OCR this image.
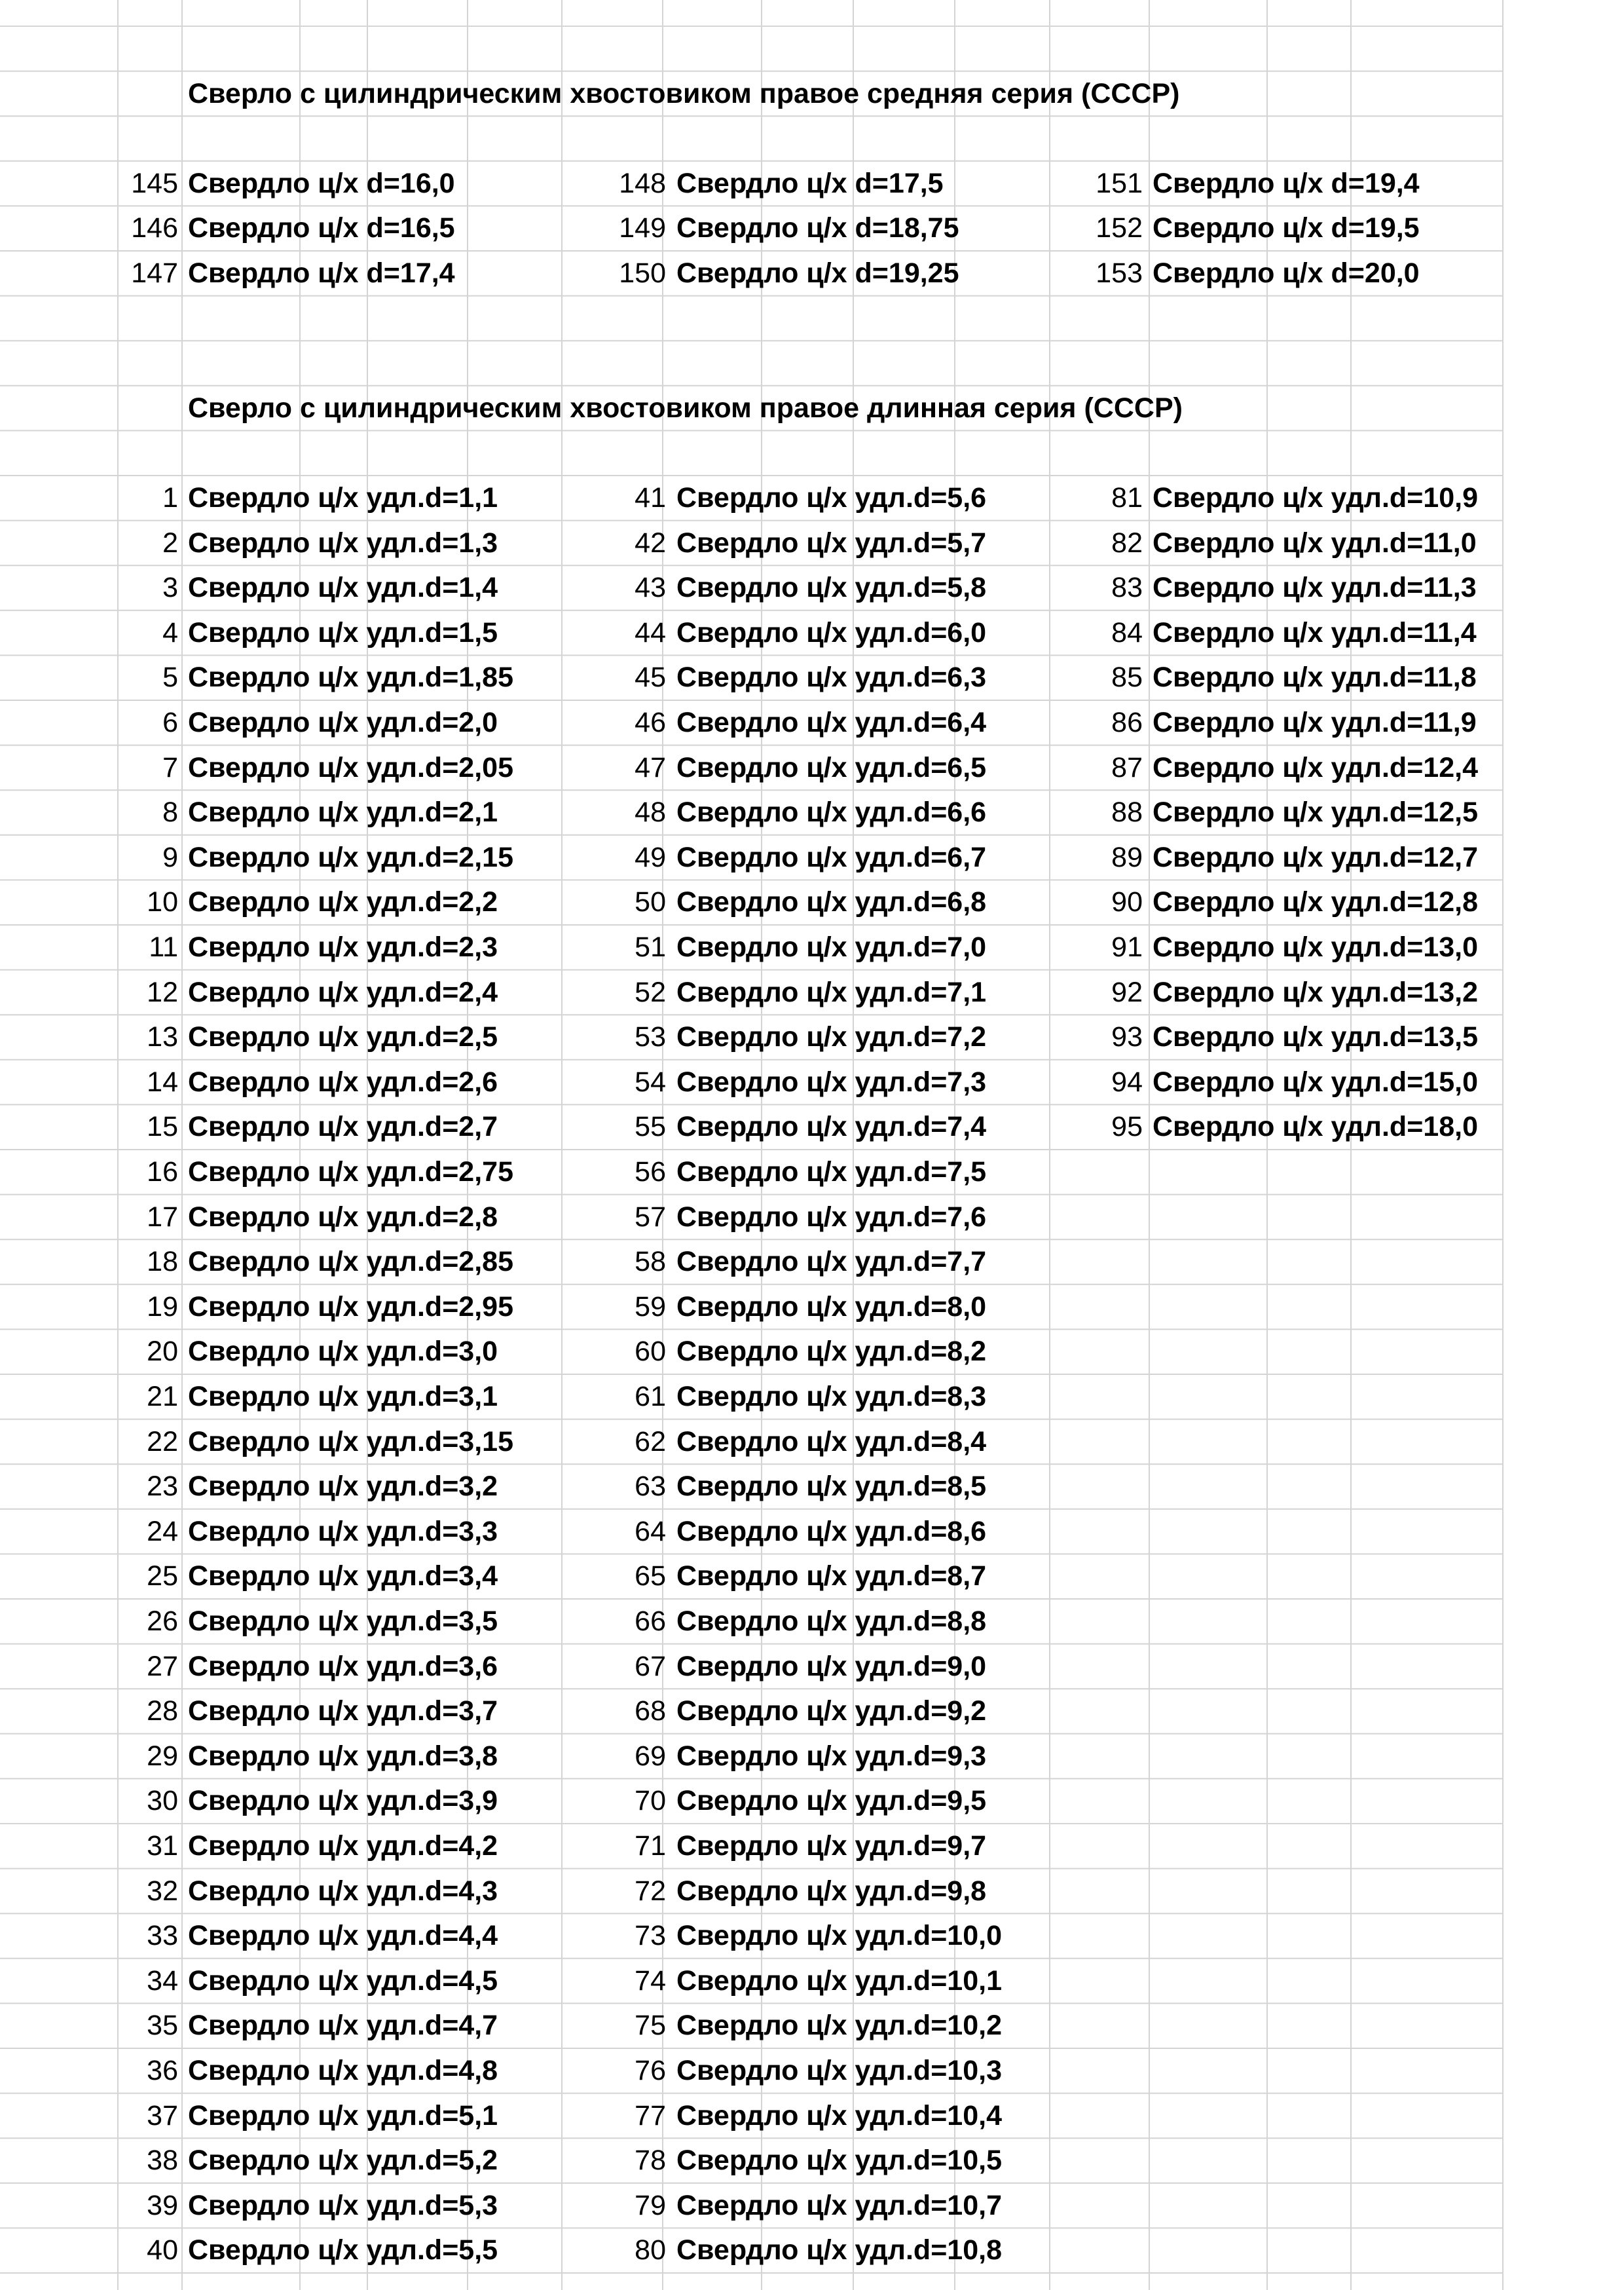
Сверло с цилиндрическим хвостовиком правое средняя серия (СССР)
145 Свердло ц/х d=16,0
146 Свердло ц/х d=16,5
147 Свердло ц/х d=17,4
148 Свердло ц/х d=17,5
149 Свердло ц/х d=18,75
150 Свердло ц/х d=19,25
151 Свердло ц/х d=19,4
152 Свердло ц/х d=19,5
153 Свердло ц/х d=20,0
Сверло с цилиндрическим хвостовиком правое длинная серия (СССР)
1 Свердло ц/х удл.d=1,1
2 Свердло ц/х удл.d=1,3
3 Свердло ц/х удл.d=1,4
4 Свердло ц/х удл.d=1,5
5 Свердло ц/х удл.d=1,85
6 Свердло ц/х удл.d=2,0
7 Свердло ц/х удл.d=2,05
8 Свердло ц/х удл.d=2,1
9 Свердло ц/х удл.d=2,15
10 Свердло ц/х удл.d=2,2
11 Свердло ц/х удл.d=2,3
12 Свердло ц/х удл.d=2,4
13 Свердло ц/х удл.d=2,5
14 Свердло ц/х удл.d=2,6
15 Свердло ц/х удл.d=2,7
16 Свердло ц/х удл.d=2,75
17 Свердло ц/х удл.d=2,8
18 Свердло ц/х удл.d=2,85
19 Свердло ц/х удл.d=2,95
20 Свердло ц/х удл.d=3,0
21 Свердло ц/х удл.d=3,1
22 Свердло ц/х удл.d=3,15
23 Свердло ц/х удл.d=3,2
24 Свердло ц/х удл.d=3,3
25 Свердло ц/х удл.d=3,4
26 Свердло ц/х удл.d=3,5
27 Свердло ц/х удл.d=3,6
28 Свердло ц/х удл.d=3,7
29 Свердло ц/х удл.d=3,8
30 Свердло ц/х удл.d=3,9
31 Свердло ц/х удл.d=4,2
32 Свердло ц/х удл.d=4,3
33 Свердло ц/х удл.d=4,4
34 Свердло ц/х удл.d=4,5
35 Свердло ц/х удл.d=4,7
36 Свердло ц/х удл.d=4,8
37 Свердло ц/х удл.d=5,1
38 Свердло ц/х удл.d=5,2
39 Свердло ц/х удл.d=5,3
40 Свердло ц/х удл.d=5,5
41 Свердло ц/х удл.d=5,6
42 Свердло ц/х удл.d=5,7
43 Свердло ц/х удл.d=5,8
44 Свердло ц/х удл.d=6,0
45 Свердло ц/х удл.d=6,3
46 Свердло ц/х удл.d=6,4
47 Свердло ц/х удл.d=6,5
48 Свердло ц/х удл.d=6,6
49 Свердло ц/х удл.d=6,7
50 Свердло ц/х удл.d=6,8
51 Свердло ц/х удл.d=7,0
52 Свердло ц/х удл.d=7,1
53 Свердло ц/х удл.d=7,2
54 Свердло ц/х удл.d=7,3
55 Свердло ц/х удл.d=7,4
56 Свердло ц/х удл.d=7,5
57 Свердло ц/х удл.d=7,6
58 Свердло ц/х удл.d=7,7
59 Свердло ц/х удл.d=8,0
60 Свердло ц/х удл.d=8,2
61 Свердло ц/х удл.d=8,3
62 Свердло ц/х удл.d=8,4
63 Свердло ц/х удл.d=8,5
64 Свердло ц/х удл.d=8,6
65 Свердло ц/х удл.d=8,7
66 Свердло ц/х удл.d=8,8
67 Свердло ц/х удл.d=9,0
68 Свердло ц/х удл.d=9,2
69 Свердло ц/х удл.d=9,3
70 Свердло ц/х удл.d=9,5
71 Свердло ц/х удл.d=9,7
72 Свердло ц/х удл.d=9,8
73 Свердло ц/х удл.d=10,0
74 Свердло ц/х удл.d=10,1
75 Свердло ц/х удл.d=10,2
76 Свердло ц/х удл.d=10,3
77 Свердло ц/х удл.d=10,4
78 Свердло ц/х удл.d=10,5
79 Свердло ц/х удл.d=10,7
80 Свердло ц/х удл.d=10,8
81 Свердло ц/х удл.d=10,9
82 Свердло ц/х удл.d=11,0
83 Свердло ц/х удл.d=11,3
84 Свердло ц/х удл.d=11,4
85 Свердло ц/х удл.d=11,8
86 Свердло ц/х удл.d=11,9
87 Свердло ц/х удл.d=12,4
88 Свердло ц/х удл.d=12,5
89 Свердло ц/х удл.d=12,7
90 Свердло ц/х удл.d=12,8
91 Свердло ц/х удл.d=13,0
92 Свердло ц/х удл.d=13,2
93 Свердло ц/х удл.d=13,5
94 Свердло ц/х удл.d=15,0
95 Свердло ц/х удл.d=18,0
